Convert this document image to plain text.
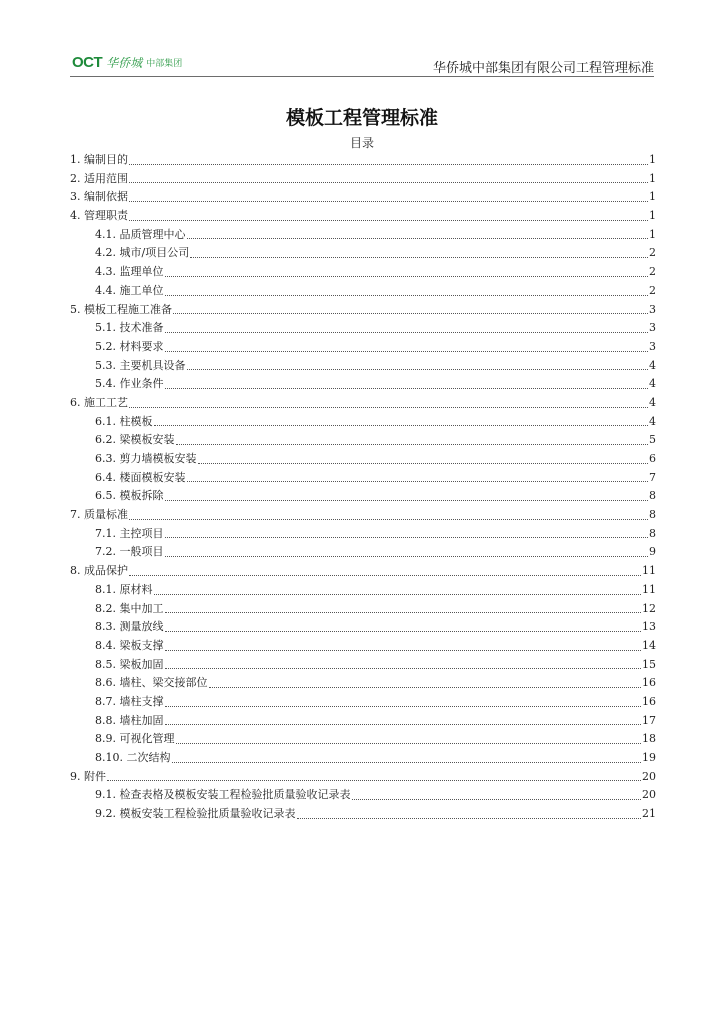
OCT 华侨城 中部集团	华侨城中部集团有限公司工程管理标准
模板工程管理标准
目录
1. 编制目的	1
2. 适用范围	1
3. 编制依据	1
4. 管理职责	1
4.1. 品质管理中心	1
4.2. 城市/项目公司	2
4.3. 监理单位	2
4.4. 施工单位	2
5. 模板工程施工准备	3
5.1. 技术准备	3
5.2. 材料要求	3
5.3. 主要机具设备	4
5.4. 作业条件	4
6. 施工工艺	4
6.1. 柱模板	4
6.2. 梁模板安装	5
6.3. 剪力墙模板安装	6
6.4. 楼面模板安装	7
6.5. 模板拆除	8
7. 质量标准	8
7.1. 主控项目	8
7.2. 一般项目	9
8. 成品保护	11
8.1. 原材料	11
8.2. 集中加工	12
8.3. 测量放线	13
8.4. 梁板支撑	14
8.5. 梁板加固	15
8.6. 墙柱、梁交接部位	16
8.7. 墙柱支撑	16
8.8. 墙柱加固	17
8.9. 可视化管理	18
8.10. 二次结构	19
9. 附件	20
9.1. 检查表格及模板安装工程检验批质量验收记录表	20
9.2. 模板安装工程检验批质量验收记录表	21
